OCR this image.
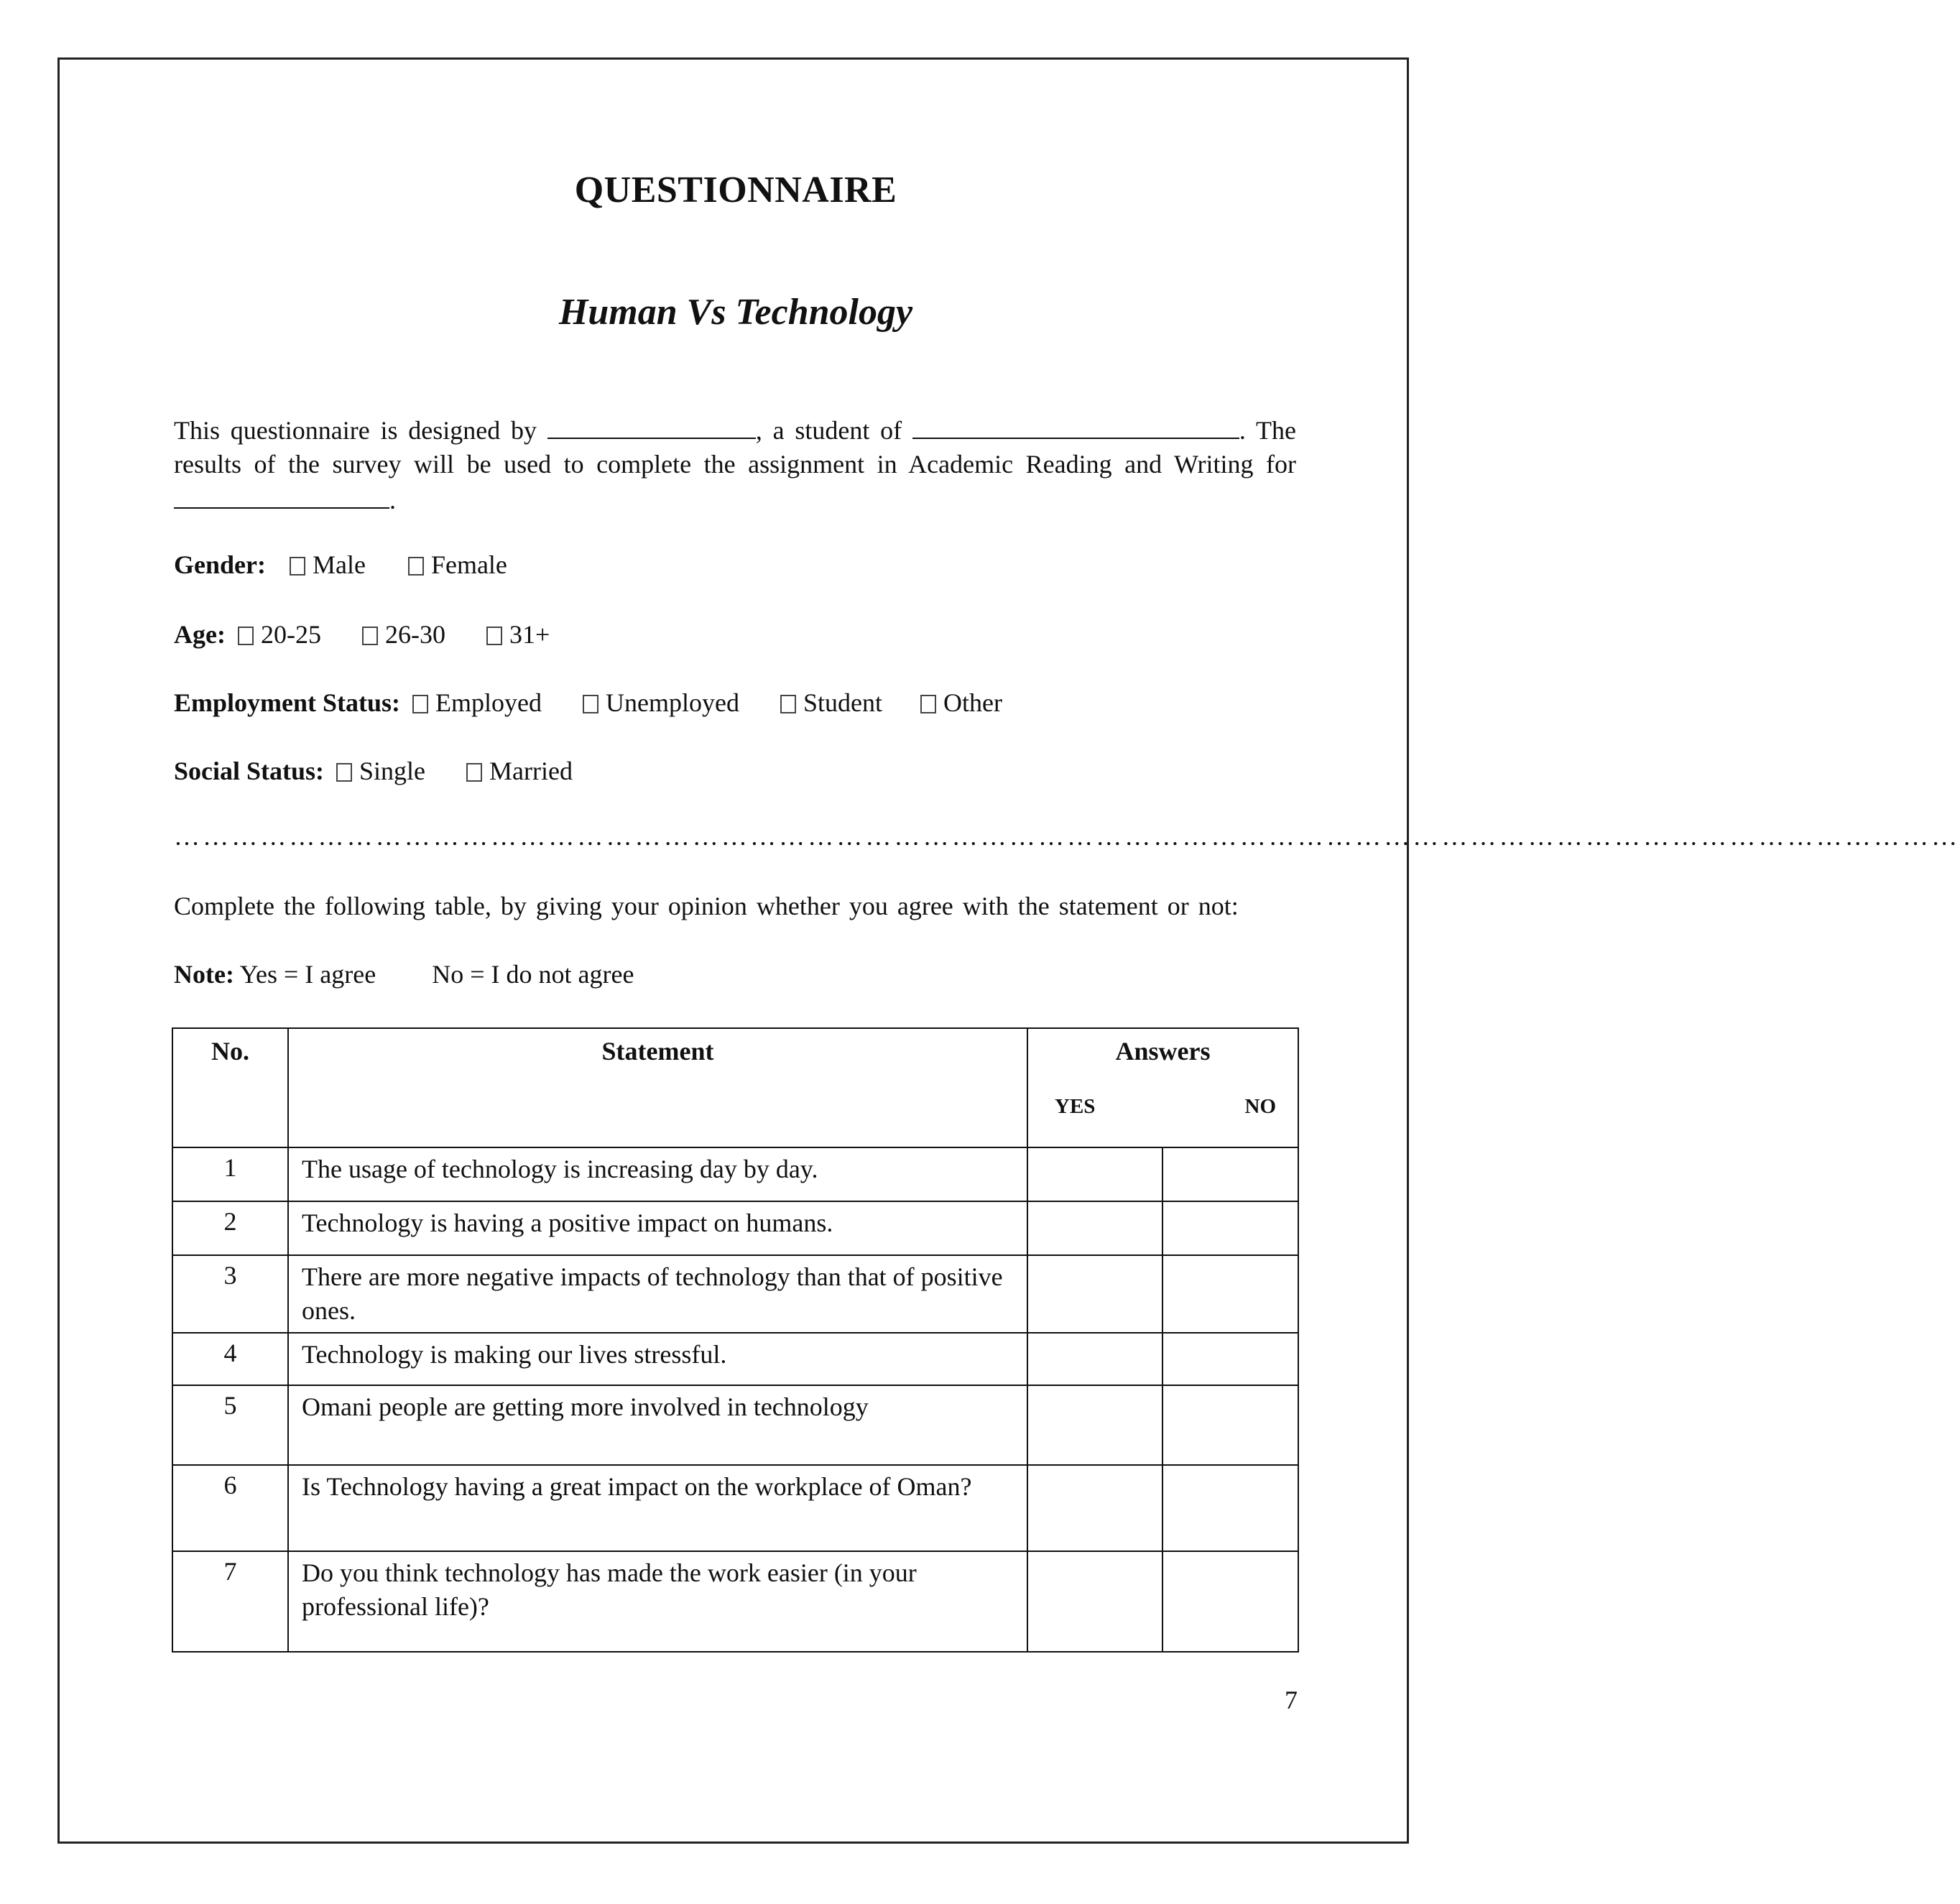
QUESTIONNAIRE
Human Vs Technology
This questionnaire is designed by	, a student of	. The results of the survey will be used to complete the assignment in Academic Reading and Writing for .
Gender: Male	Female
Age: 20-25 26-30 31+
Employment Status: Employed Unemployed Student Other
Social Status: Single Married
……………………………………………………………………………………………………………………………………………………………………
Complete the following table, by giving your opinion whether you agree with the statement or not:
Note: Yes = I agree No = I do not agree
No.	Statement	Answers
YES NO	

1	The usage of technology is increasing day by day.		
2	Technology is having a positive impact on humans.		
3	There are more negative impacts of technology than that of positive ones.		
4	Technology is making our lives stressful.		
5	Omani people are getting more involved in technology		
6	Is Technology having a great impact on the workplace of Oman?		
7	Do you think technology has made the work easier (in your professional life)?		
7
